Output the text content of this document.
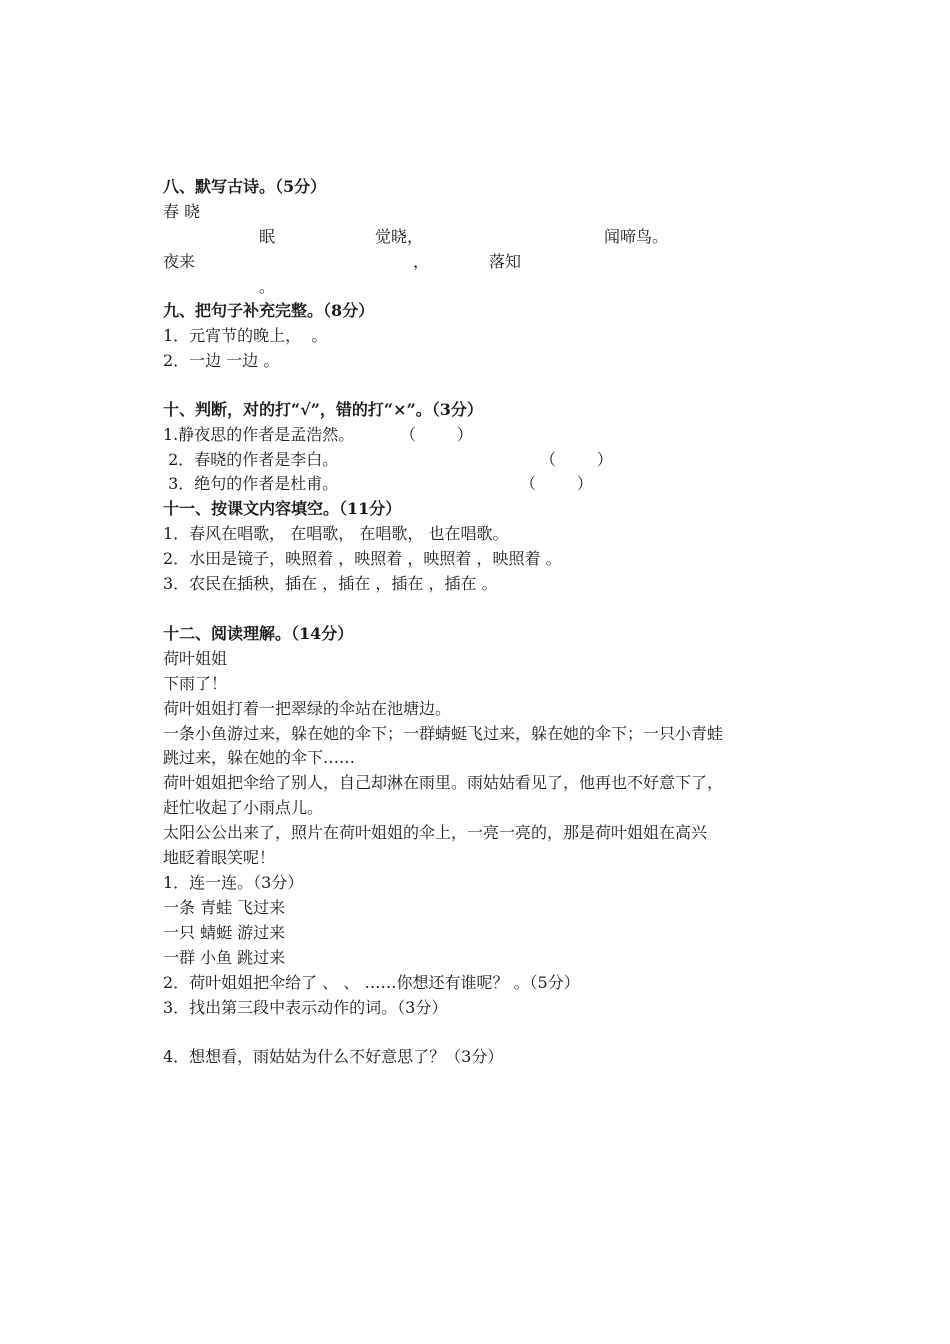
八、默写古诗。（5分）
春 晓
眠	觉晓，	闻啼鸟。
夜来	，	落知
。
九、把句子补充完整。（8分）
1．元宵节的晚上，  。
2．一边 一边 。
十、判断，对的打“√”，错的打“×”。（3分）
1.静夜思的作者是孟浩然。	（        ）
2．春晓的作者是李白。	（        ）
3．绝句的作者是杜甫。	（        ）
十一、按课文内容填空。（11分）
1．春风在唱歌， 在唱歌， 在唱歌， 也在唱歌。
2．水田是镜子，映照着 ，映照着 ，映照着 ，映照着 。
3．农民在插秧，插在 ，插在 ，插在 ，插在 。
十二、阅读理解。（14分）
荷叶姐姐
下雨了！
荷叶姐姐打着一把翠绿的伞站在池塘边。
一条小鱼游过来，躲在她的伞下；一群蜻蜓飞过来，躲在她的伞下；一只小青蛙
跳过来，躲在她的伞下……
荷叶姐姐把伞给了别人，自己却淋在雨里。雨姑姑看见了，他再也不好意下了，
赶忙收起了小雨点儿。
太阳公公出来了，照片在荷叶姐姐的伞上，一亮一亮的，那是荷叶姐姐在高兴
地眨着眼笑呢！
1．连一连。（3分）
一条 青蛙 飞过来
一只 蜻蜓 游过来
一群 小鱼 跳过来
2．荷叶姐姐把伞给了 、 、 ……你想还有谁呢？ 。（5分）
3．找出第三段中表示动作的词。（3分）
4．想想看，雨姑姑为什么不好意思了？（3分）
